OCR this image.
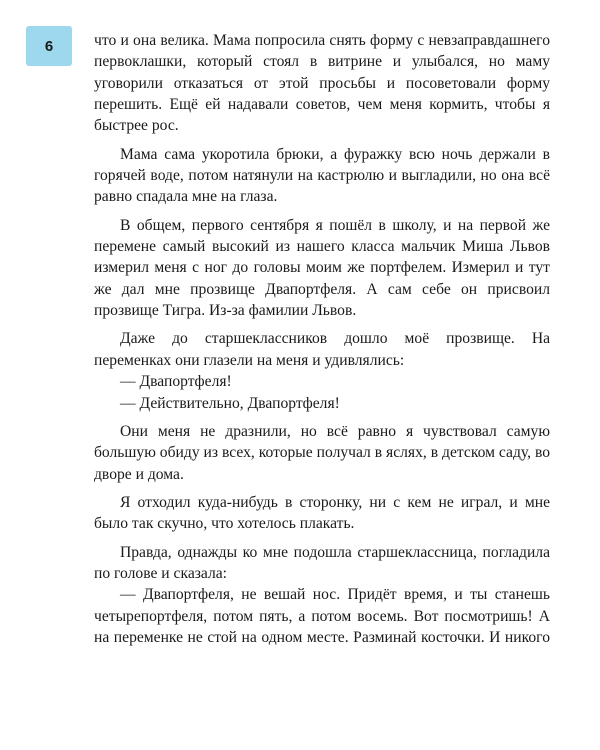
6	что и она велика. Мама попросила снять форму с невзаправдашнего первоклашки, который стоял в витрине и улыбался, но маму уговорили отказаться от этой просьбы и посоветовали форму перешить. Ещё ей надавали советов, чем меня кормить, чтобы я быстрее рос.

Мама сама укоротила брюки, а фуражку всю ночь держали в горячей воде, потом натянули на кастрюлю и выгладили, но она всё равно спадала мне на глаза.

В общем, первого сентября я пошёл в школу, и на первой же перемене самый высокий из нашего класса мальчик Миша Львов измерил меня с ног до головы моим же портфелем. Измерил и тут же дал мне прозвище Двапортфеля. А сам себе он присвоил прозвище Тигра. Из-за фамилии Львов.

Даже до старшеклассников дошло моё прозвище. На переменках они глазели на меня и удивлялись:

— Двапортфеля!

— Действительно, Двапортфеля!

Они меня не дразнили, но всё равно я чувствовал самую большую обиду из всех, которые получал в яслях, в детском саду, во дворе и дома.

Я отходил куда-нибудь в сторонку, ни с кем не играл, и мне было так скучно, что хотелось плакать.

Правда, однажды ко мне подошла старшеклассница, погладила по голове и сказала:

— Двапортфеля, не вешай нос. Придёт время, и ты станешь четырепортфеля, потом пять, а потом восемь. Вот посмотришь! А на переменке не стой на одном месте. Разминай косточки. И никого
